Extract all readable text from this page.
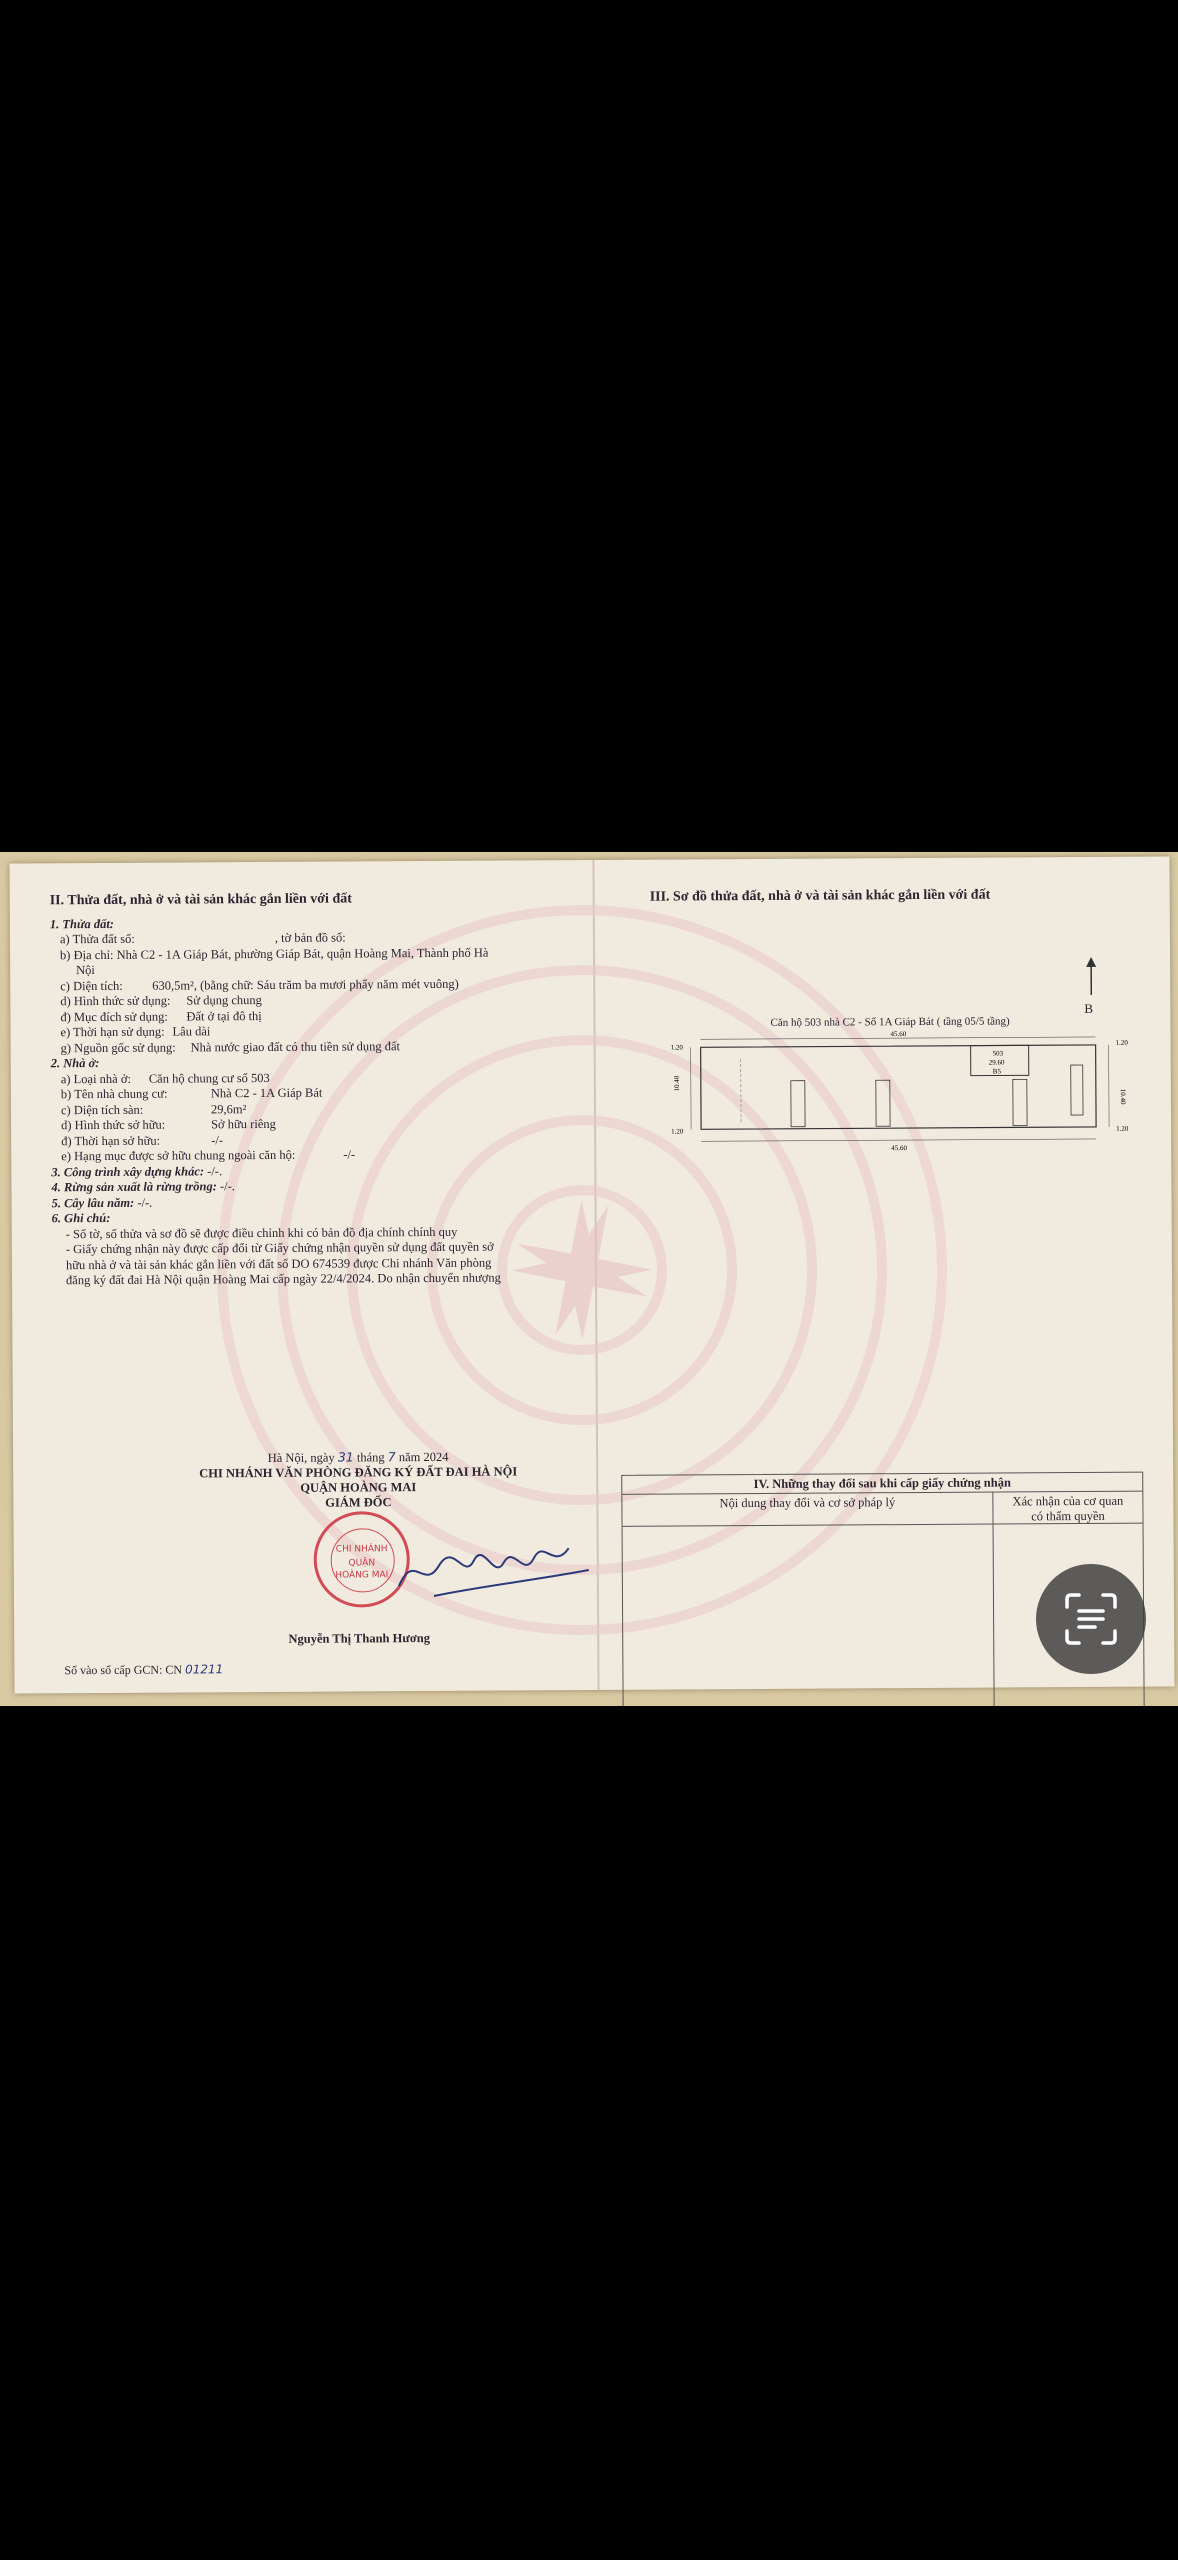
II. Thửa đất, nhà ở và tài sản khác gắn liền với đất
1. Thửa đất:
a) Thửa đất số:	, tờ bản đồ số:
b) Địa chỉ: Nhà C2 - 1A Giáp Bát, phường Giáp Bát, quận Hoàng Mai, Thành phố Hà
Nội
c) Diện tích: 630,5m², (bằng chữ: Sáu trăm ba mươi phẩy năm mét vuông)
d) Hình thức sử dụng: Sử dụng chung
đ) Mục đích sử dụng: Đất ở tại đô thị
e) Thời hạn sử dụng: Lâu dài
g) Nguồn gốc sử dụng: Nhà nước giao đất có thu tiền sử dụng đất
2. Nhà ở:
a) Loại nhà ở: Căn hộ chung cư số 503
b) Tên nhà chung cư:	Nhà C2 - 1A Giáp Bát
c) Diện tích sàn:	29,6m²
d) Hình thức sở hữu:	Sở hữu riêng
đ) Thời hạn sở hữu:	-/-
e) Hạng mục được sở hữu chung ngoài căn hộ:	-/-
3. Công trình xây dựng khác: -/-.
4. Rừng sản xuất là rừng trồng: -/-.
5. Cây lâu năm: -/-.
6. Ghi chú:
- Số tờ, số thửa và sơ đồ sẽ được điều chỉnh khi có bản đồ địa chính chính quy
- Giấy chứng nhận này được cấp đổi từ Giấy chứng nhận quyền sử dụng đất quyền sở
hữu nhà ở và tài sản khác gắn liền với đất số DO 674539 được Chi nhánh Văn phòng
đăng ký đất đai Hà Nội quận Hoàng Mai cấp ngày 22/4/2024. Do nhận chuyển nhượng
Hà Nội, ngày 31 tháng 7 năm 2024
CHI NHÁNH VĂN PHÒNG ĐĂNG KÝ ĐẤT ĐAI HÀ NỘI
QUẬN HOÀNG MAI
GIÁM ĐỐC
CHI NHÁNH
QUẬN
HOÀNG MAI
Nguyễn Thị Thanh Hương
Số vào sổ cấp GCN: CN 01211
III. Sơ đồ thửa đất, nhà ở và tài sản khác gắn liền với đất
B
Căn hộ 503 nhà C2 - Số 1A Giáp Bát ( tầng 05/5 tầng)
45.60
45.60
10.40
10.40
1.20
1.20
1.20
1.20
503
29.60
B5
IV. Những thay đổi sau khi cấp giấy chứng nhận
Nội dung thay đổi và cơ sở pháp lý	Xác nhận của cơ quan
có thẩm quyền
